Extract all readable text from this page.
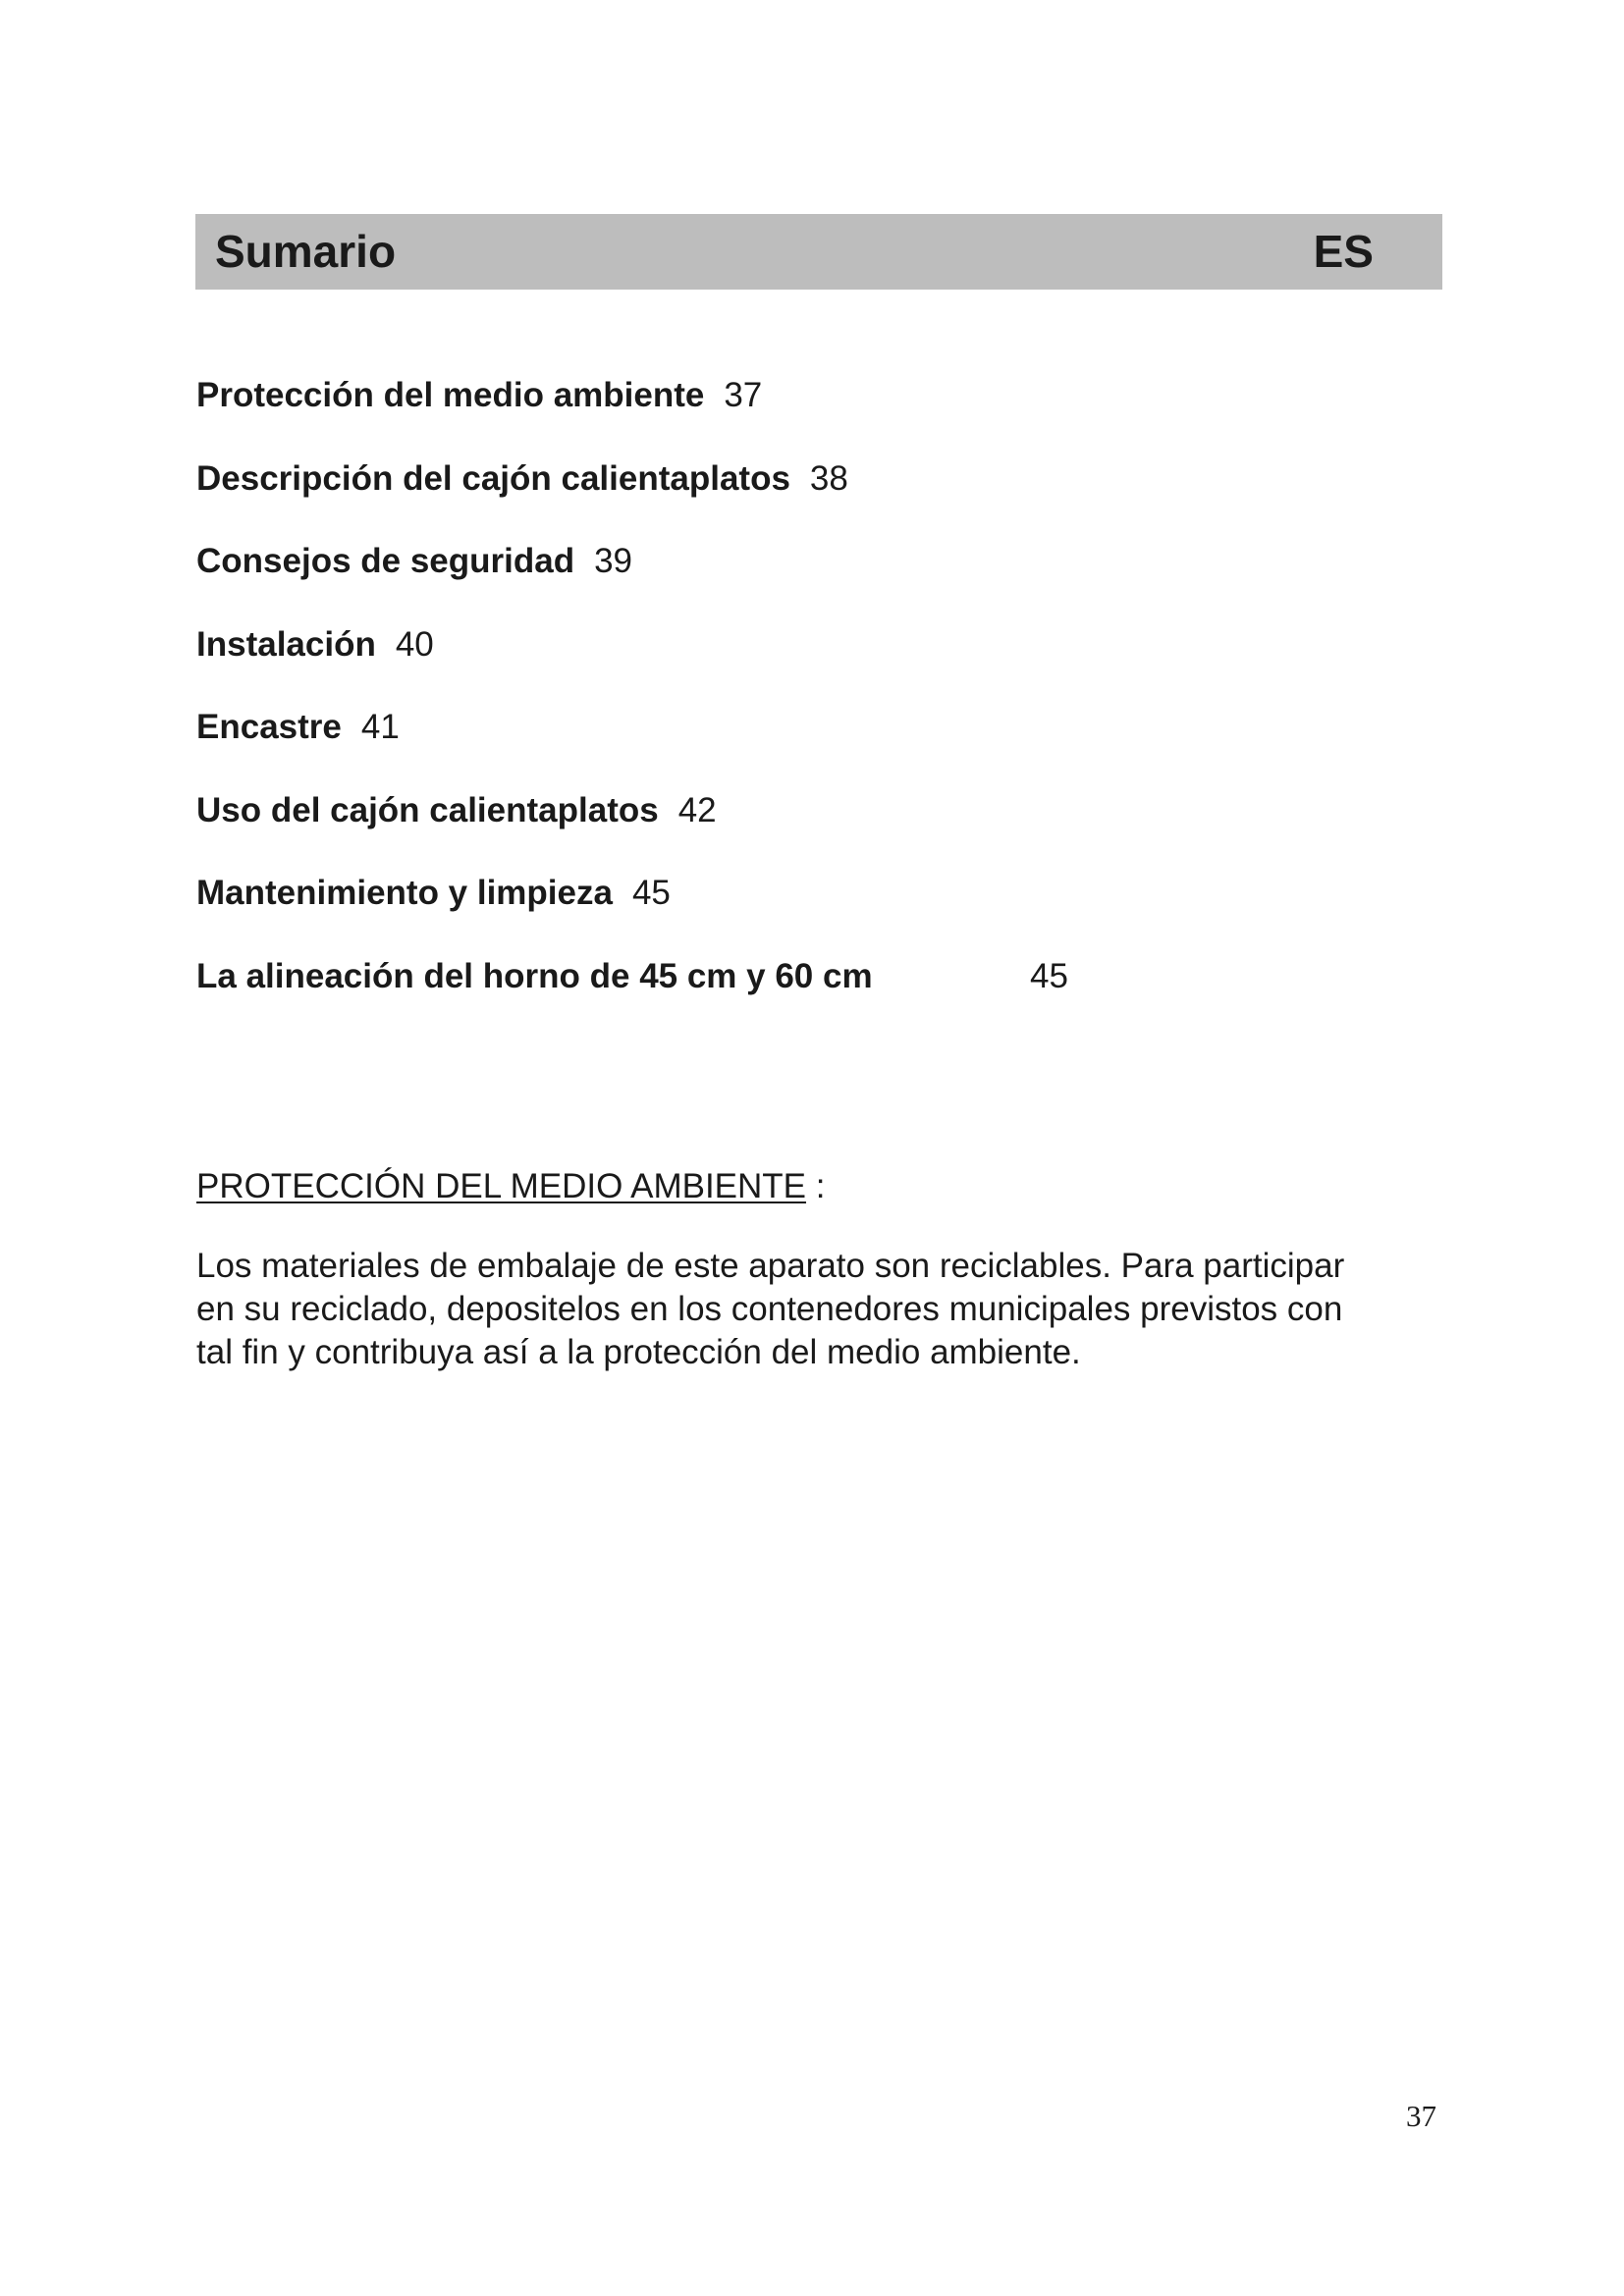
Sumario	ES
Protección del medio ambiente 37
Descripción del cajón calientaplatos 38
Consejos de seguridad 39
Instalación 40
Encastre 41
Uso del cajón calientaplatos 42
Mantenimiento y limpieza 45
La alineación del horno de 45 cm y 60 cm	45
PROTECCIÓN DEL MEDIO AMBIENTE :

Los materiales de embalaje de este aparato son reciclables. Para participar

en su reciclado, depositelos en los contenedores municipales previstos con

tal fin y contribuya así a la protección del medio ambiente.

37
